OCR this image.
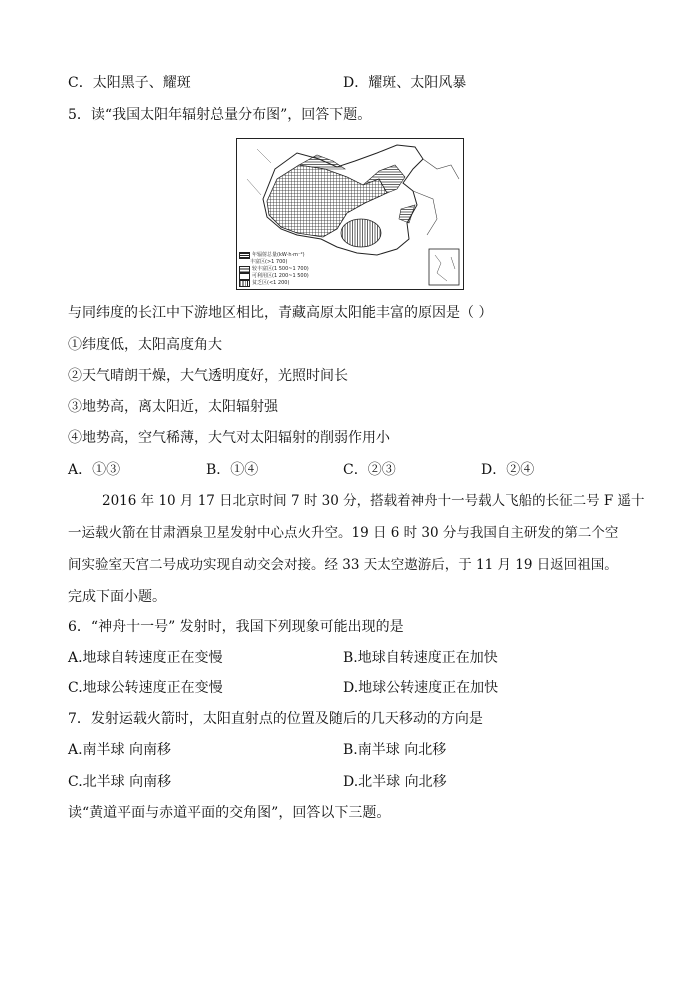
C．太阳黑子、耀斑	D．耀斑、太阳风暴
5．读“我国太阳年辐射总量分布图”，回答下题。
年辐射总量(kW·h·m⁻²)
丰富区(>1 700)
较丰富区(1 500~1 700)
可利用区(1 200~1 500)
贫乏区(<1 200)
与同纬度的长江中下游地区相比，青藏高原太阳能丰富的原因是（ ）
①纬度低，太阳高度角大
②天气晴朗干燥，大气透明度好，光照时间长
③地势高，离太阳近，太阳辐射强
④地势高，空气稀薄，大气对太阳辐射的削弱作用小
A．①③	B．①④	C．②③	D．②④
2016 年 10 月 17 日北京时间 7 时 30 分，搭载着神舟十一号载人飞船的长征二号 F 遥十
一运载火箭在甘肃酒泉卫星发射中心点火升空。19 日 6 时 30 分与我国自主研发的第二个空
间实验室天宫二号成功实现自动交会对接。经 33 天太空遨游后，于 11 月 19 日返回祖国。
完成下面小题。
6．“神舟十一号” 发射时，我国下列现象可能出现的是
A.地球自转速度正在变慢	B.地球自转速度正在加快
C.地球公转速度正在变慢	D.地球公转速度正在加快
7．发射运载火箭时，太阳直射点的位置及随后的几天移动的方向是
A.南半球 向南移	B.南半球 向北移
C.北半球 向南移	D.北半球 向北移
读“黄道平面与赤道平面的交角图”，回答以下三题。
